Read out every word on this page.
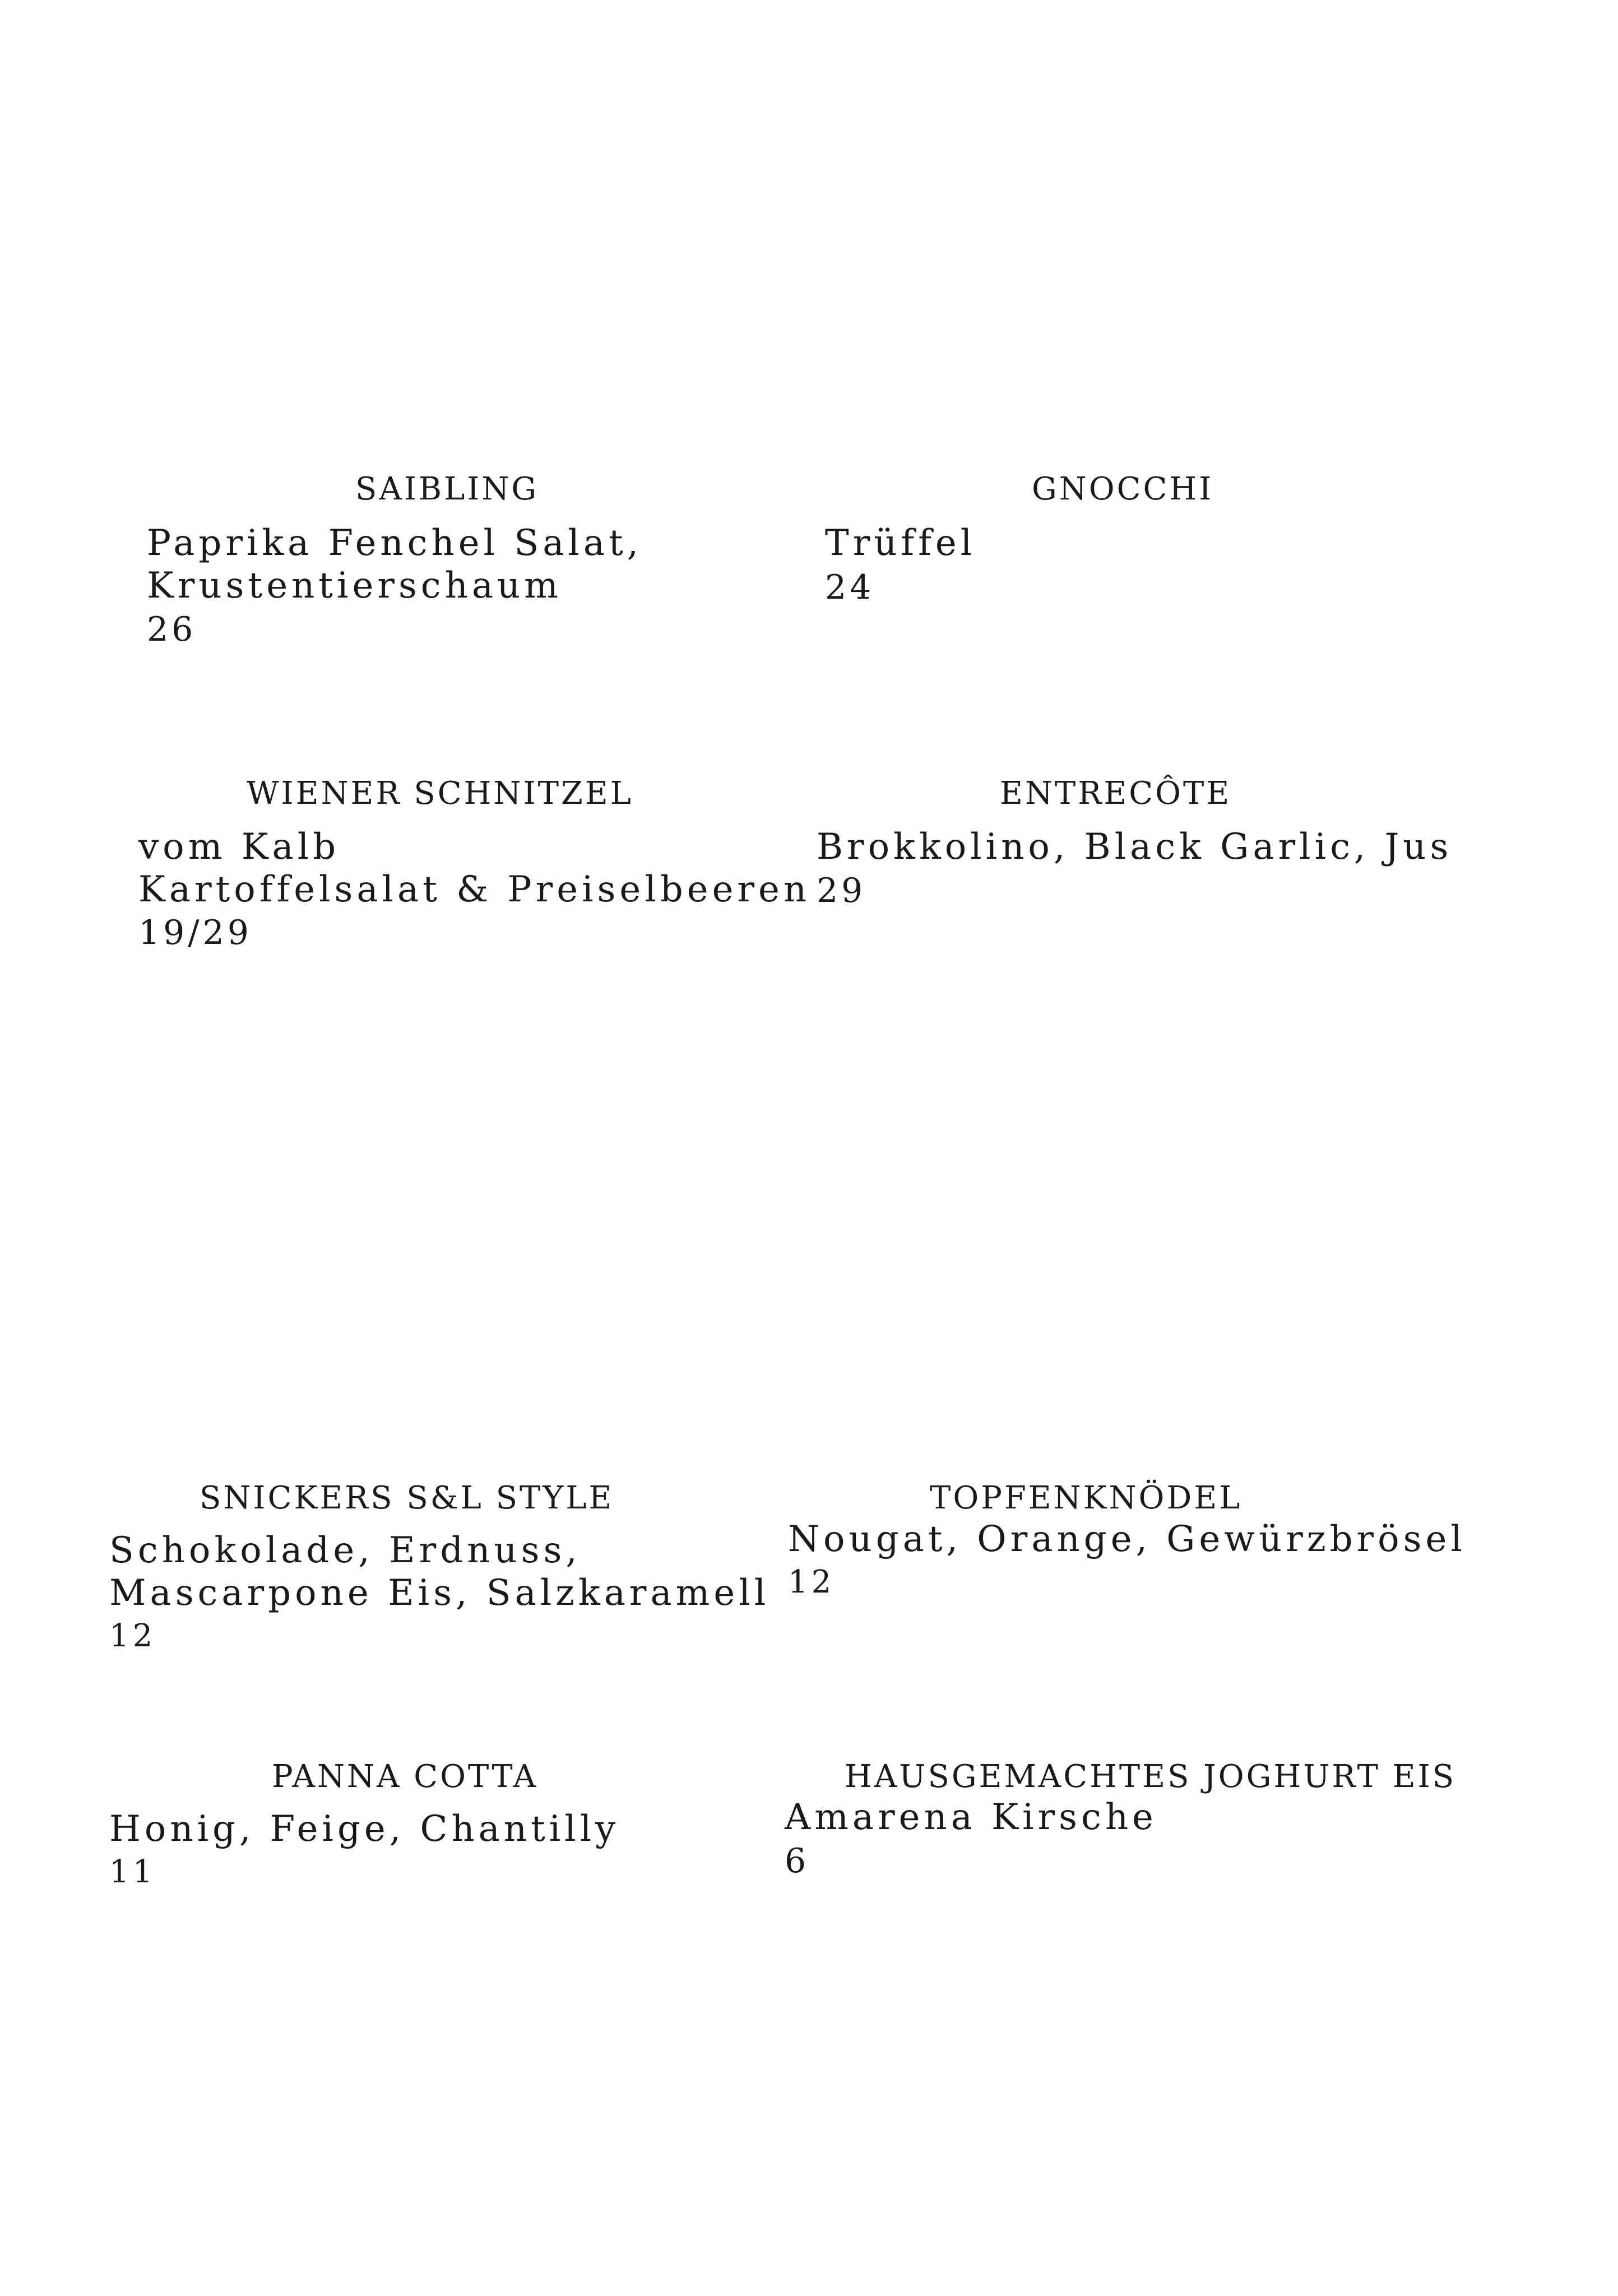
SAIBLING
Paprika Fenchel Salat,
Krustentierschaum
26
GNOCCHI
Trüffel
24
WIENER SCHNITZEL
vom Kalb
Kartoffelsalat & Preiselbeeren
19/29
ENTRECÔTE
Brokkolino, Black Garlic, Jus
29
SNICKERS S&L STYLE
Schokolade, Erdnuss,
Mascarpone Eis, Salzkaramell
12
TOPFENKNÖDEL
Nougat, Orange, Gewürzbrösel
12
PANNA COTTA
Honig, Feige, Chantilly
11
HAUSGEMACHTES JOGHURT EIS
Amarena Kirsche
6
